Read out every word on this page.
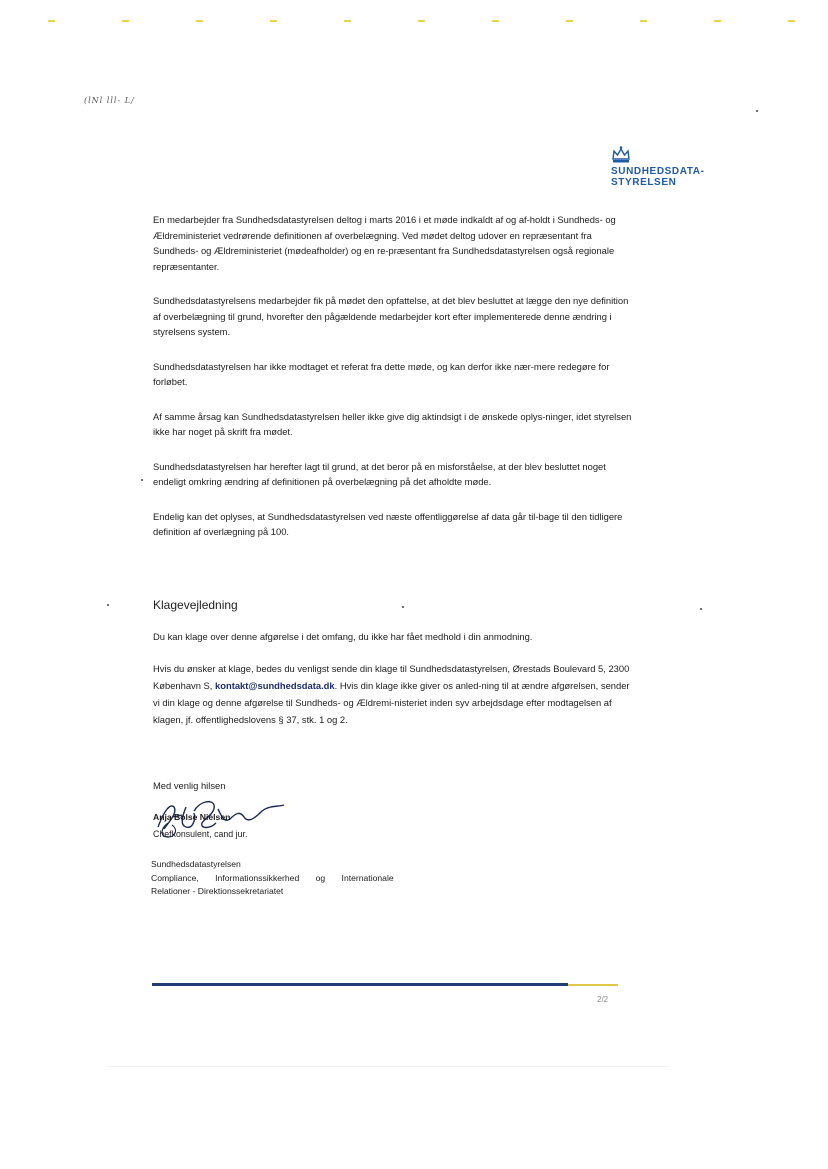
(lNl lll- L/
SUNDHEDSDATA-
STYRELSEN

En medarbejder fra Sundhedsdatastyrelsen deltog i marts 2016 i et møde indkaldt af og af-holdt i Sundheds- og Ældreministeriet vedrørende definitionen af overbelægning. Ved mødet deltog udover en repræsentant fra Sundheds- og Ældreministeriet (mødeafholder) og en re-præsentant fra Sundhedsdatastyrelsen også regionale repræsentanter.

Sundhedsdatastyrelsens medarbejder fik på mødet den opfattelse, at det blev besluttet at lægge den nye definition af overbelægning til grund, hvorefter den pågældende medarbejder kort efter implementerede denne ændring i styrelsens system.

Sundhedsdatastyrelsen har ikke modtaget et referat fra dette møde, og kan derfor ikke nær-mere redegøre for forløbet.

Af samme årsag kan Sundhedsdatastyrelsen heller ikke give dig aktindsigt i de ønskede oplys-ninger, idet styrelsen ikke har noget på skrift fra mødet.

Sundhedsdatastyrelsen har herefter lagt til grund, at det beror på en misforståelse, at der blev besluttet noget endeligt omkring ændring af definitionen på overbelægning på det afholdte møde.

Endelig kan det oplyses, at Sundhedsdatastyrelsen ved næste offentliggørelse af data går til-bage til den tidligere definition af overlægning på 100.

Klagevejledning

Du kan klage over denne afgørelse i det omfang, du ikke har fået medhold i din anmodning.

Hvis du ønsker at klage, bedes du venligst sende din klage til Sundhedsdatastyrelsen, Ørestads Boulevard 5, 2300 København S, kontakt@sundhedsdata.dk. Hvis din klage ikke giver os anled-ning til at ændre afgørelsen, sender vi din klage og denne afgørelse til Sundheds- og Ældremi-nisteriet inden syv arbejdsdage efter modtagelsen af klagen, jf. offentlighedslovens § 37, stk. 1 og 2.

Med venlig hilsen
Anja Bolse Nielsen
Chefkonsulent, cand jur.
Sundhedsdatastyrelsen
Compliance, Informationssikkerhed og Internationale
Relationer - Direktionssekretariatet
2/2
